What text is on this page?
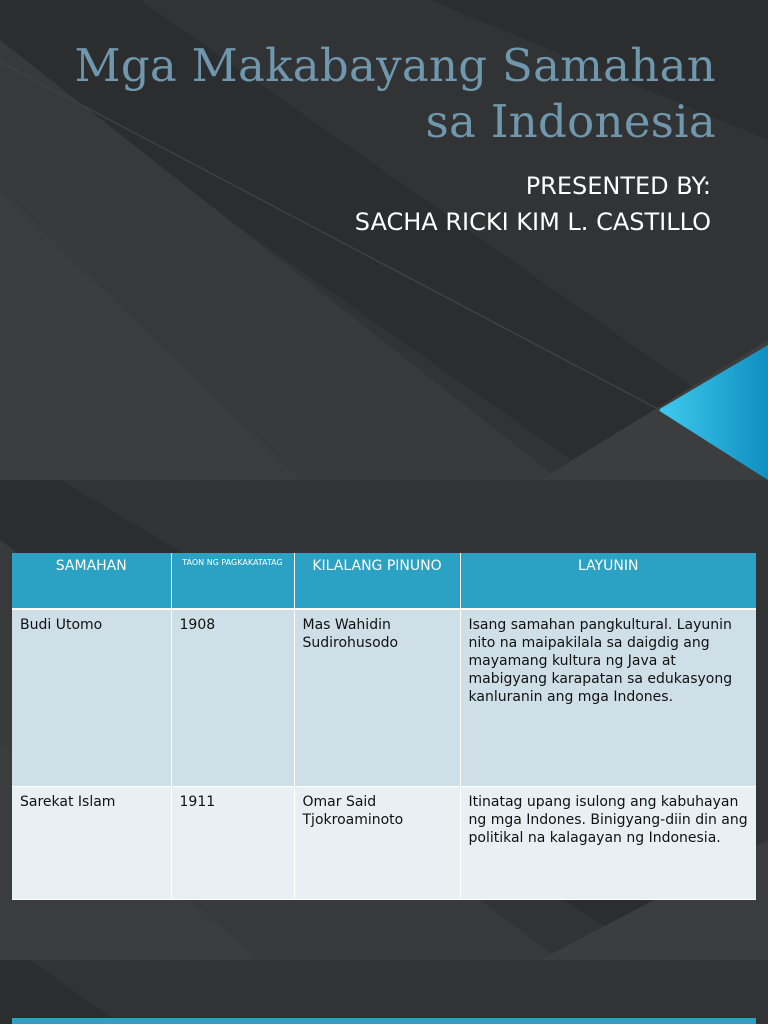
Mga Makabayang Samahan
sa Indonesia
PRESENTED BY:
SACHA RICKI KIM L. CASTILLO
SAMAHAN	TAON NG PAGKAKATATAG	KILALANG PINUNO	LAYUNIN
Budi Utomo	1908	Mas Wahidin Sudirohusodo	Isang samahan pangkultural. Layunin nito na maipakilala sa daigdig ang mayamang kultura ng Java at mabigyang karapatan sa edukasyong kanluranin ang mga Indones.
Sarekat Islam	1911	Omar Said Tjokroaminoto	Itinatag upang isulong ang kabuhayan ng mga Indones. Binigyang-diin din ang politikal na kalagayan ng Indonesia.
